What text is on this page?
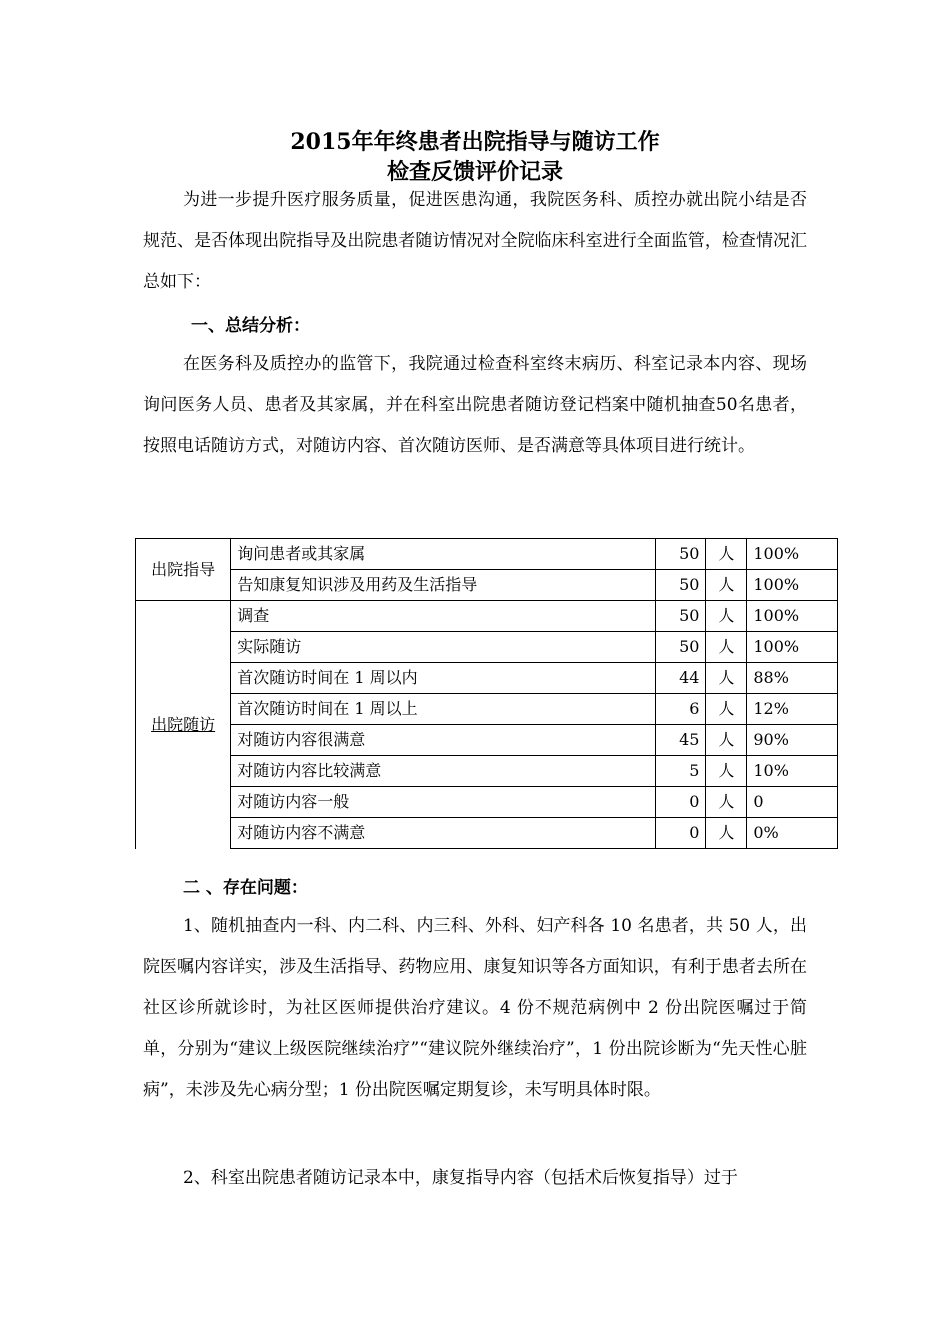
2015年年终患者出院指导与随访工作
检查反馈评价记录
为进一步提升医疗服务质量，促进医患沟通，我院医务科、质控办就出院小结是否规范、是否体现出院指导及出院患者随访情况对全院临床科室进行全面监管，检查情况汇总如下：
一、总结分析：
在医务科及质控办的监管下，我院通过检查科室终末病历、科室记录本内容、现场询问医务人员、患者及其家属，并在科室出院患者随访登记档案中随机抽查50名患者，按照电话随访方式，对随访内容、首次随访医师、是否满意等具体项目进行统计。
出院指导	询问患者或其家属	50	人	100%
	告知康复知识涉及用药及生活指导	50	人	100%
出院随访	调查	50	人	100%
	实际随访	50	人	100%
	首次随访时间在 1 周以内	44	人	88%
	首次随访时间在 1 周以上	6	人	12%
	对随访内容很满意	45	人	90%
	对随访内容比较满意	5	人	10%
	对随访内容一般	0	人	0
	对随访内容不满意	0	人	0%
二 、存在问题：
1、随机抽查内一科、内二科、内三科、外科、妇产科各 10 名患者，共 50 人，出院医嘱内容详实，涉及生活指导、药物应用、康复知识等各方面知识，有利于患者去所在社区诊所就诊时，为社区医师提供治疗建议。4 份不规范病例中 2 份出院医嘱过于简单，分别为“建议上级医院继续治疗”“建议院外继续治疗”，1 份出院诊断为“先天性心脏病”，未涉及先心病分型；1 份出院医嘱定期复诊，未写明具体时限。
2、科室出院患者随访记录本中，康复指导内容（包括术后恢复指导）过于
